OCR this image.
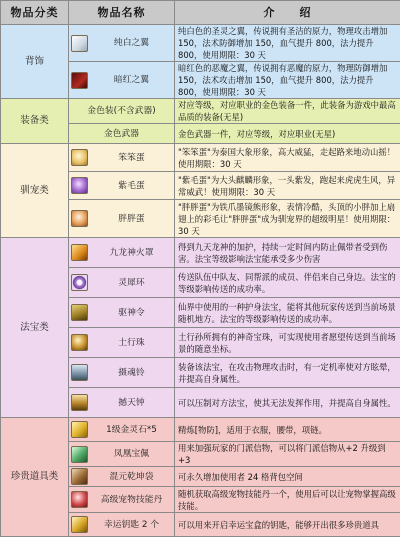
物品分类	物品名称	介　　绍
背饰	纯白之翼	纯白色的圣灵之翼，传说拥有圣洁的原力，物理攻击增加 150，法术防御增加 150，血气提升 800，法力提升 800，使用期限：30 天

	暗红之翼	暗红色的恶魔之翼，传说拥有恶魔的原力，物理防御增加 150，法术攻击增加 150，血气提升 800，法力提升 800，使用期限：30 天
装备类	金色装(不含武器)	对应等级，对应职业的金色装备一件，此装备为游戏中最高品质的装备(无星)
	金色武器	金色武器一件，对应等级，对应职业(无星)
驯宠类	笨笨蛋	"笨笨蛋"为泰国大象形象，高大威猛，走起路来地动山摇！使用期限：30 天

	紫毛蛋	"紫毛蛋"为大头麒麟形象，一头紫发，跑起来虎虎生风，异常威武！使用期限：30 天

	胖胖蛋	"胖胖蛋"为铁爪墨镜熊形象，表情冷酷，头顶的小胖加上扇翅上的彩毛让"胖胖蛋"成为驯宠界的超级明星！使用期限：30 天
法宝类	九龙神火罩	得到九天龙神的加护，持续一定时间内防止佩带者受到伤害。法宝等级影响法宝能承受多少伤害

	灵犀环	传送队伍中队友、同帮派的成员、伴侣来自己身边。法宝的等级影响传送的成功率。

	驱神令	仙界中使用的一种护身法宝，能将其他玩家传送到当前场景随机地方。法宝的等级影响传送的成功率。

	土行珠	土行孙所拥有的神奇宝珠，可实现使用者愿望传送到当前场景的随意坐标。

	摄魂铃	装备该法宝，在攻击物理攻击时，有一定机率使对方眩晕，并提高自身属性。

	撼天钟	可以压制对方法宝，使其无法发挥作用，并提高自身属性。
珍贵道具类	1级金灵石*5	精炼[物防]，适用于衣服，腰带，项链。

	凤凰宝佩	用来加强玩家的门派信物，可以将门派信物从+2 升级到+3

	混元乾坤袋	可永久增加使用者 24 格背包空间

	高级宠物技能丹	随机获取高级宠物技能丹一个，使用后可以让宠物掌握高级技能。

	幸运钥匙 2 个	可以用来开启幸运宝盒的钥匙，能够开出很多珍贵道具
